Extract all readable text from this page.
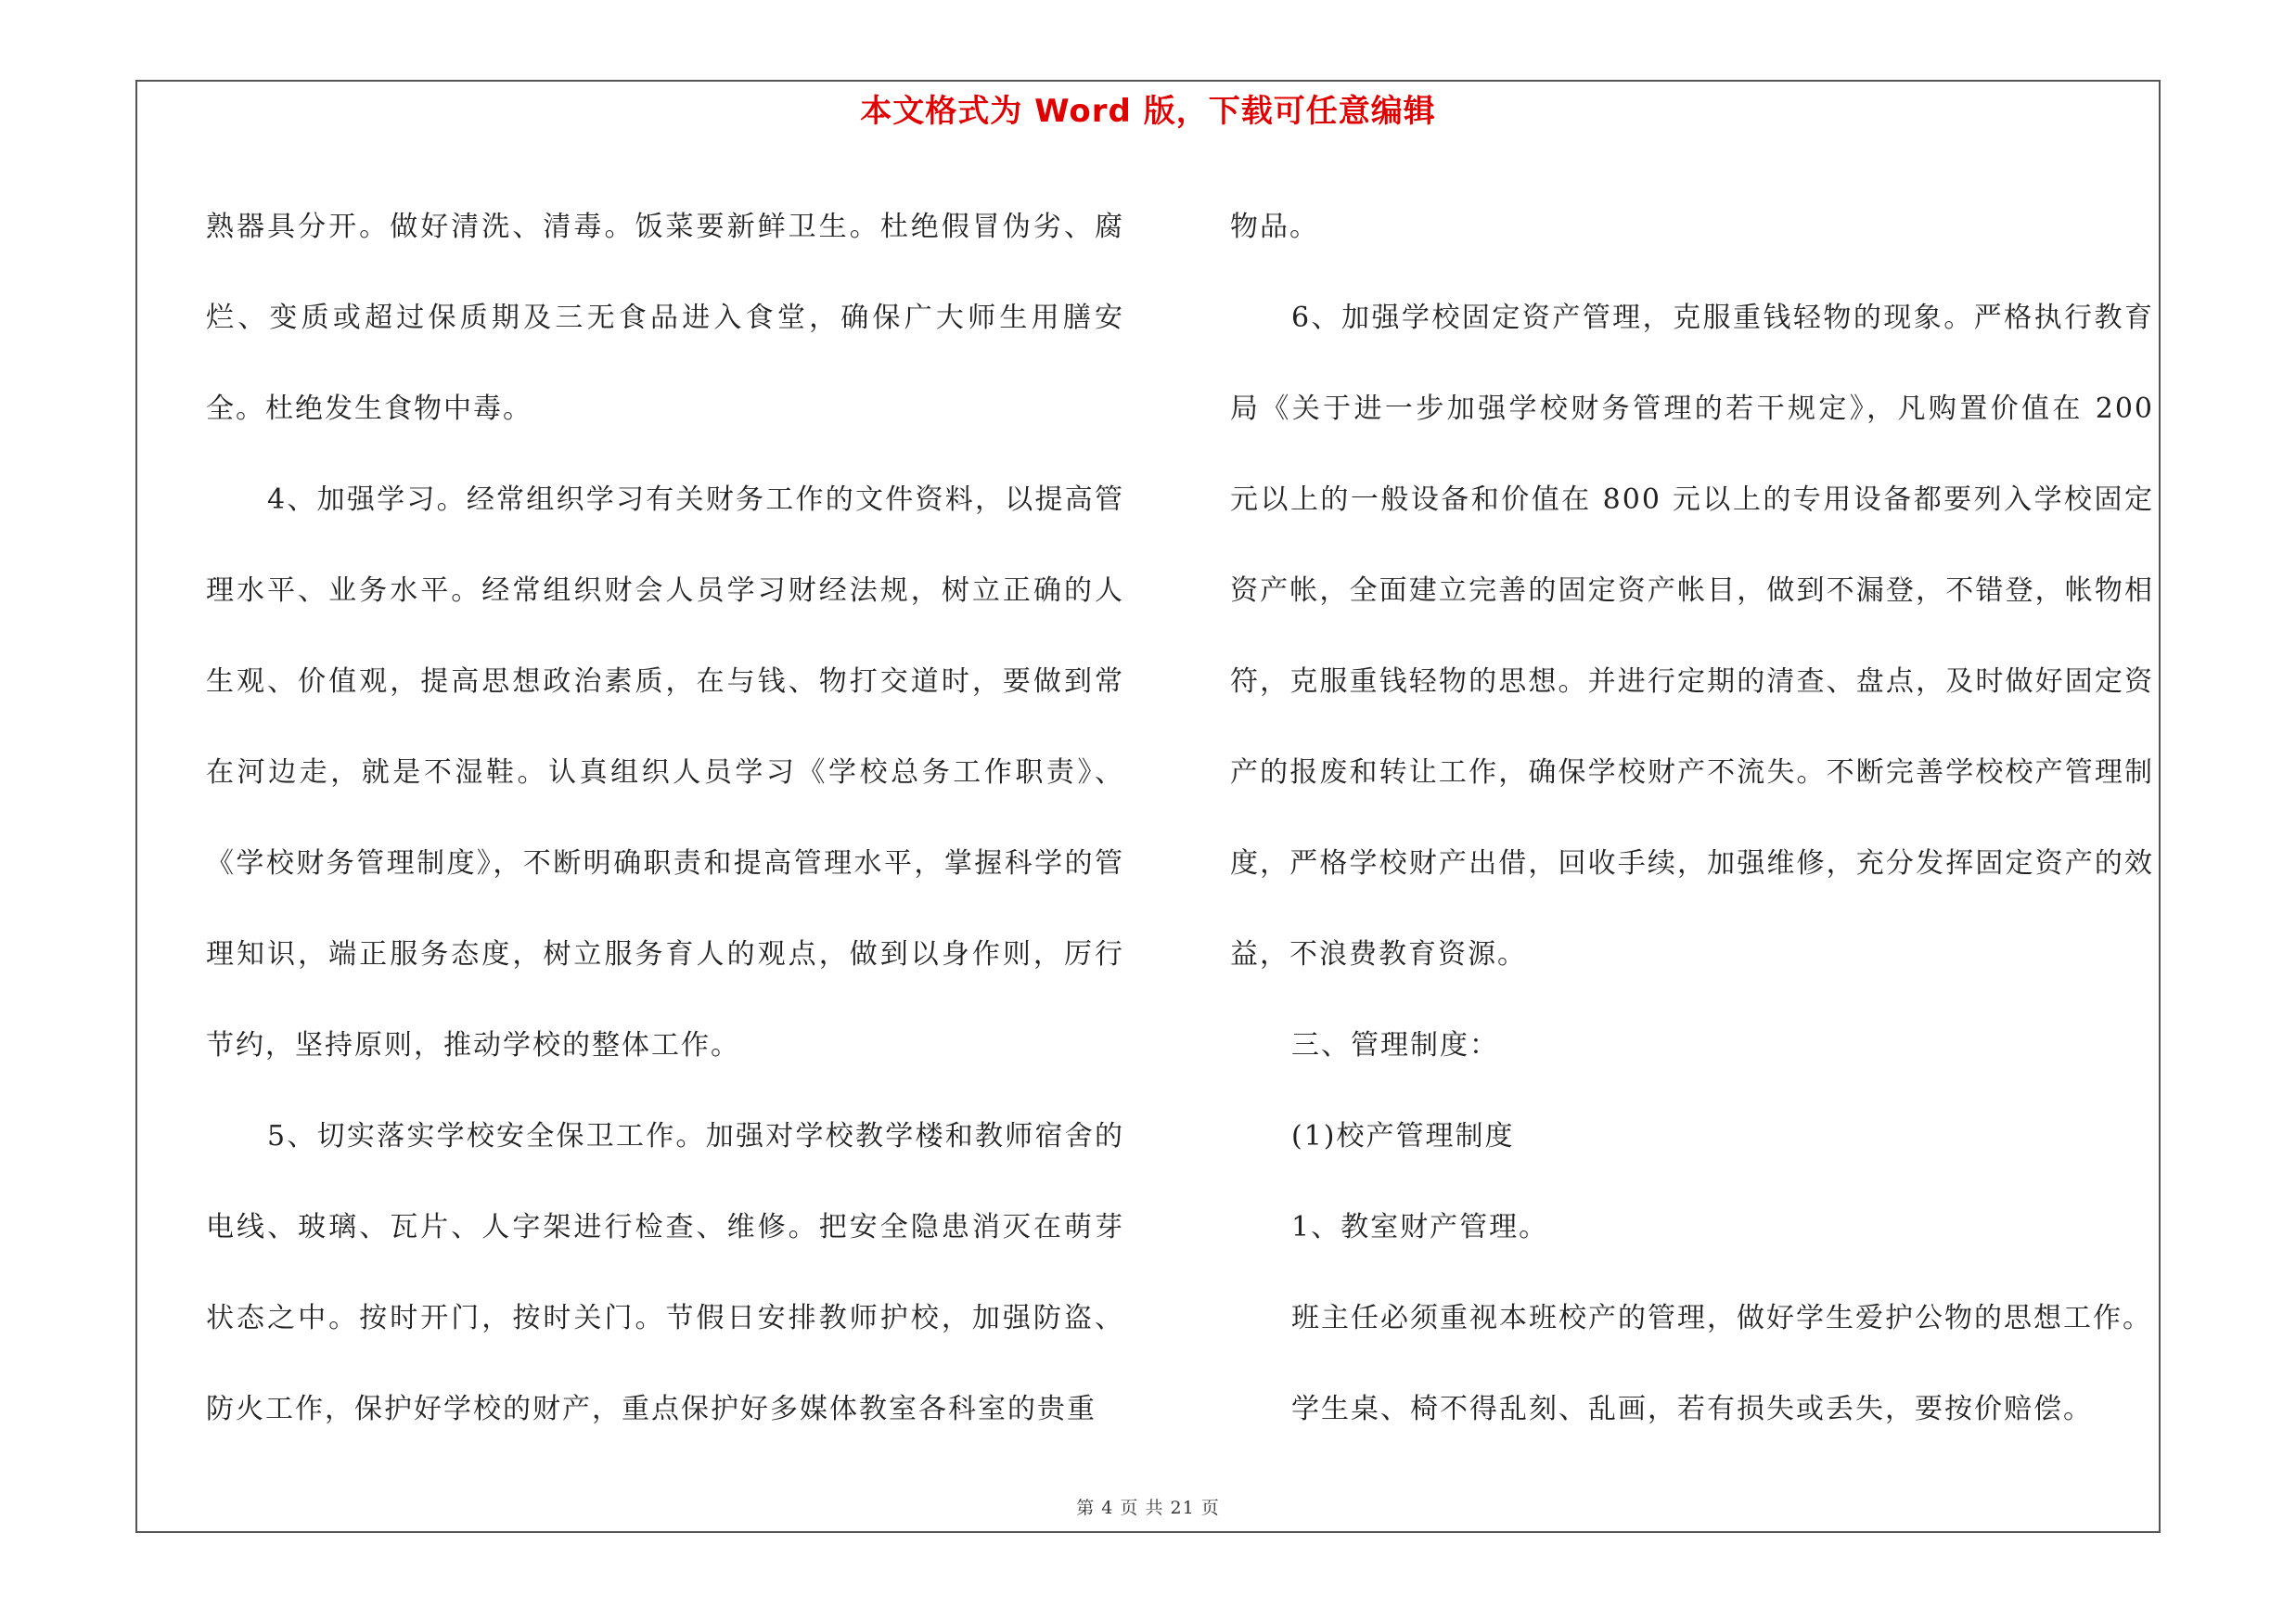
本文格式为 Word 版，下载可任意编辑

熟器具分开。做好清洗、清毒。饭菜要新鲜卫生。杜绝假冒伪劣、腐烂、变质或超过保质期及三无食品进入食堂，确保广大师生用膳安全。杜绝发生食物中毒。

4、加强学习。经常组织学习有关财务工作的文件资料，以提高管理水平、业务水平。经常组织财会人员学习财经法规，树立正确的人生观、价值观，提高思想政治素质，在与钱、物打交道时，要做到常在河边走，就是不湿鞋。认真组织人员学习《学校总务工作职责》、《学校财务管理制度》，不断明确职责和提高管理水平，掌握科学的管理知识，端正服务态度，树立服务育人的观点，做到以身作则，厉行节约，坚持原则，推动学校的整体工作。

5、切实落实学校安全保卫工作。加强对学校教学楼和教师宿舍的电线、玻璃、瓦片、人字架进行检查、维修。把安全隐患消灭在萌芽状态之中。按时开门，按时关门。节假日安排教师护校，加强防盗、防火工作，保护好学校的财产，重点保护好多媒体教室各科室的贵重

物品。

6、加强学校固定资产管理，克服重钱轻物的现象。严格执行教育局《关于进一步加强学校财务管理的若干规定》，凡购置价值在 200 元以上的一般设备和价值在 800 元以上的专用设备都要列入学校固定资产帐，全面建立完善的固定资产帐目，做到不漏登，不错登，帐物相符，克服重钱轻物的思想。并进行定期的清查、盘点，及时做好固定资产的报废和转让工作，确保学校财产不流失。不断完善学校校产管理制度，严格学校财产出借，回收手续，加强维修，充分发挥固定资产的效益，不浪费教育资源。

三、管理制度：

(1)校产管理制度

1、教室财产管理。

班主任必须重视本班校产的管理，做好学生爱护公物的思想工作。

学生桌、椅不得乱刻、乱画，若有损失或丢失，要按价赔偿。

第 4 页 共 21 页
